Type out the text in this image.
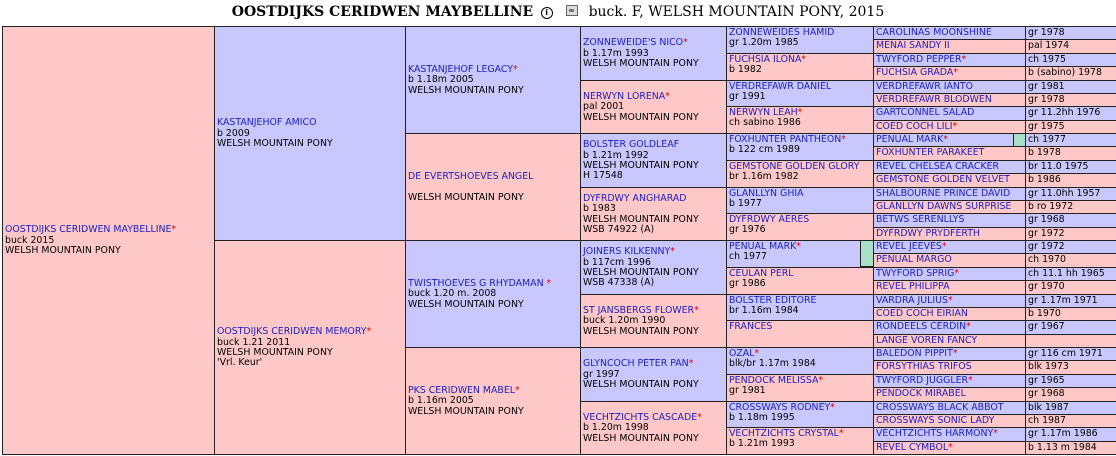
OOSTDIJKS CERIDWEN MAYBELLINE i	buck. F, WELSH MOUNTAIN PONY, 2015
OOSTDIJKS CERIDWEN MAYBELLINE*
buck 2015
WELSH MOUNTAIN PONY
KASTANJEHOF AMICO
b 2009
WELSH MOUNTAIN PONY
OOSTDIJKS CERIDWEN MEMORY*
buck 1.21 2011
WELSH MOUNTAIN PONY
'Vrl. Keur'
KASTANJEHOF LEGACY*
b 1.18m 2005
WELSH MOUNTAIN PONY
DE EVERTSHOEVES ANGEL

WELSH MOUNTAIN PONY
TWISTHOEVES G RHYDAMAN *
buck 1.20 m. 2008
WELSH MOUNTAIN PONY
PKS CERIDWEN MABEL*
b 1.16m 2005
WELSH MOUNTAIN PONY
ZONNEWEIDE'S NICO*
b 1.17m 1993
WELSH MOUNTAIN PONY
NERWYN LORENA*
pal 2001
WELSH MOUNTAIN PONY
BOLSTER GOLDLEAF
b 1.21m 1992
WELSH MOUNTAIN PONY
H 17548
DYFRDWY ANGHARAD
b 1983
WELSH MOUNTAIN PONY
WSB 74922 (A)
JOINERS KILKENNY*
b 117cm 1996
WELSH MOUNTAIN PONY
WSB 47338 (A)
ST JANSBERGS FLOWER*
buck 1.20m 1990
WELSH MOUNTAIN PONY
GLYNCOCH PETER PAN*
gr 1997
WELSH MOUNTAIN PONY
VECHTZICHTS CASCADE*
b 1.20m 1998
WELSH MOUNTAIN PONY
ZONNEWEIDES HAMID
gr 1.20m 1985
FUCHSIA ILONA*
b 1982
VERDREFAWR DANIEL
gr 1991
NERWYN LEAH*
ch sabino 1986
FOXHUNTER PANTHEON*
b 122 cm 1989
GEMSTONE GOLDEN GLORY
br 1.16m 1982
GLANLLYN GHIA
b 1977
DYFRDWY AERES
gr 1976
PENUAL MARK*
ch 1977
CEULAN PERL
gr 1986
BOLSTER EDITORE
br 1.16m 1984
FRANCES

OZAL*
blk/br 1.17m 1984
PENDOCK MELISSA*
gr 1981
CROSSWAYS RODNEY*
b 1.18m 1995
VECHTZICHTS CRYSTAL*
b 1.21m 1993
CAROLINAS MOONSHINE
MENAI SANDY II
TWYFORD PEPPER*
FUCHSIA GRADA*
VERDREFAWR IANTO
VERDREFAWR BLODWEN
GARTCONNEL SALAD
COED COCH LILI*
PENUAL MARK*
FOXHUNTER PARAKEET
REVEL CHELSEA CRACKER
GEMSTONE GOLDEN VELVET
SHALBOURNE PRINCE DAVID
GLANLLYN DAWNS SURPRISE
BETWS SERENLLYS
DYFRDWY PRYDFERTH
REVEL JEEVES*
PENUAL MARGO
TWYFORD SPRIG*
REVEL PHILIPPA
VARDRA JULIUS*
COED COCH EIRIAN
RONDEELS CERDIN*
LANGE VOREN FANCY
BALEDON PIPPIT*
FORSYTHIAS TRIFOS
TWYFORD JUGGLER*
PENDOCK MIRABEL
CROSSWAYS BLACK ABBOT
CROSSWAYS SONIC LADY
VECHTZICHTS HARMONY*
REVEL CYMBOL*
gr 1978
pal 1974
ch 1975
b (sabino) 1978
gr 1981
gr 1978
gr 11.2hh 1976
gr 1975
ch 1977
b 1978
br 11.0 1975
b 1986
gr 11.0hh 1957
b ro 1972
gr 1968
gr 1972
gr 1972
ch 1970
ch 11.1 hh 1965
gr 1970
gr 1.17m 1971
b 1970
gr 1967
gr 116 cm 1971
blk 1973
gr 1965
gr 1968
blk 1987
ch 1987
gr 1.17m 1986
b 1.13 m 1984
